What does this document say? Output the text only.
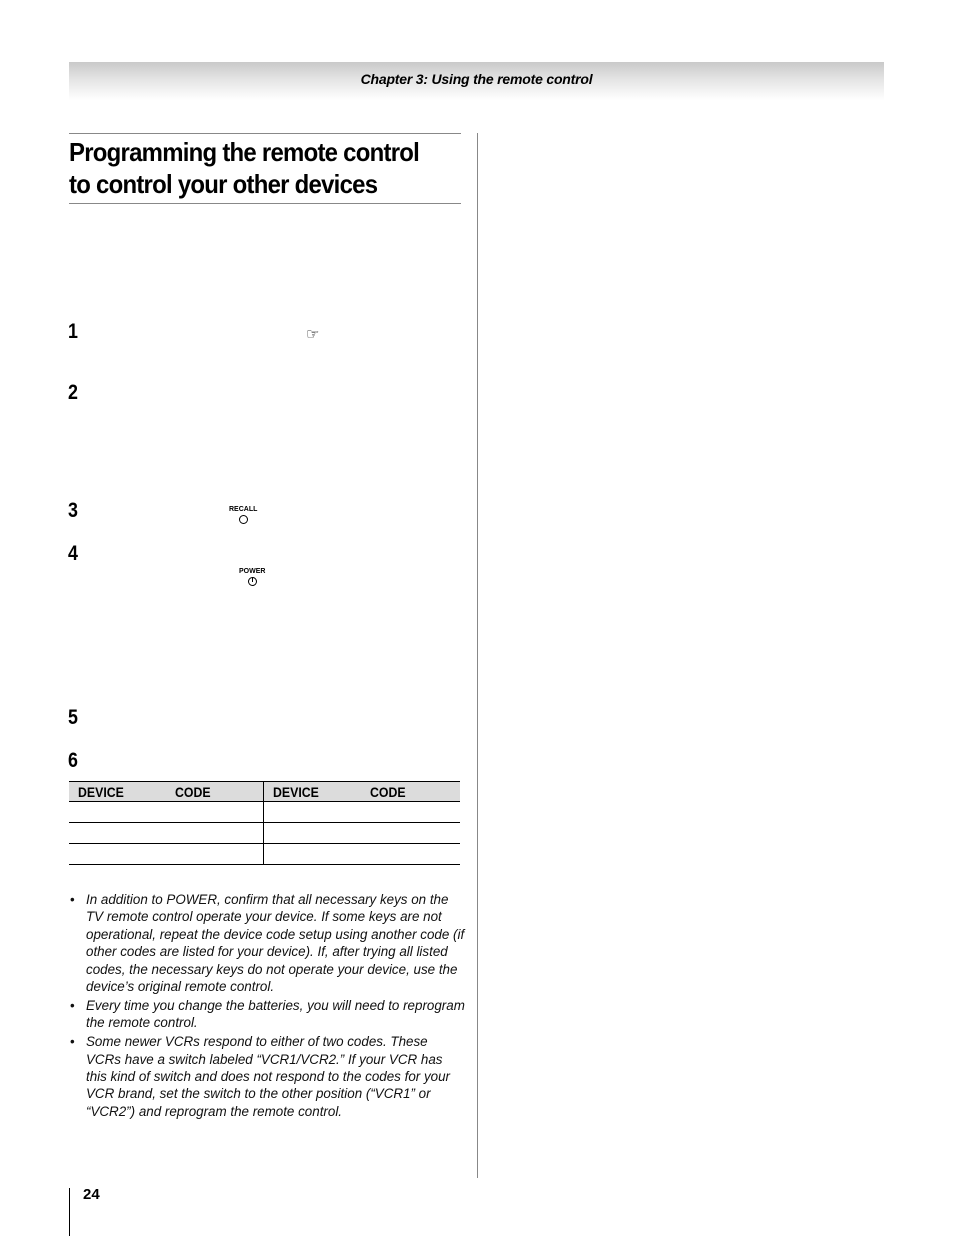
Chapter 3: Using the remote control
Programming the remote control
to control your other devices
1
2
3
4
5
6
☞
RECALL
POWER
DEVICE	CODE	DEVICE	CODE

• In addition to POWER, confirm that all necessary keys on the TV remote control operate your device. If some keys are not operational, repeat the device code setup using another code (if other codes are listed for your device). If, after trying all listed codes, the necessary keys do not operate your device, use the device’s original remote control.
• Every time you change the batteries, you will need to reprogram the remote control.
• Some newer VCRs respond to either of two codes. These VCRs have a switch labeled “VCR1/VCR2.” If your VCR has this kind of switch and does not respond to the codes for your VCR brand, set the switch to the other position (“VCR1” or “VCR2”) and reprogram the remote control.
24
